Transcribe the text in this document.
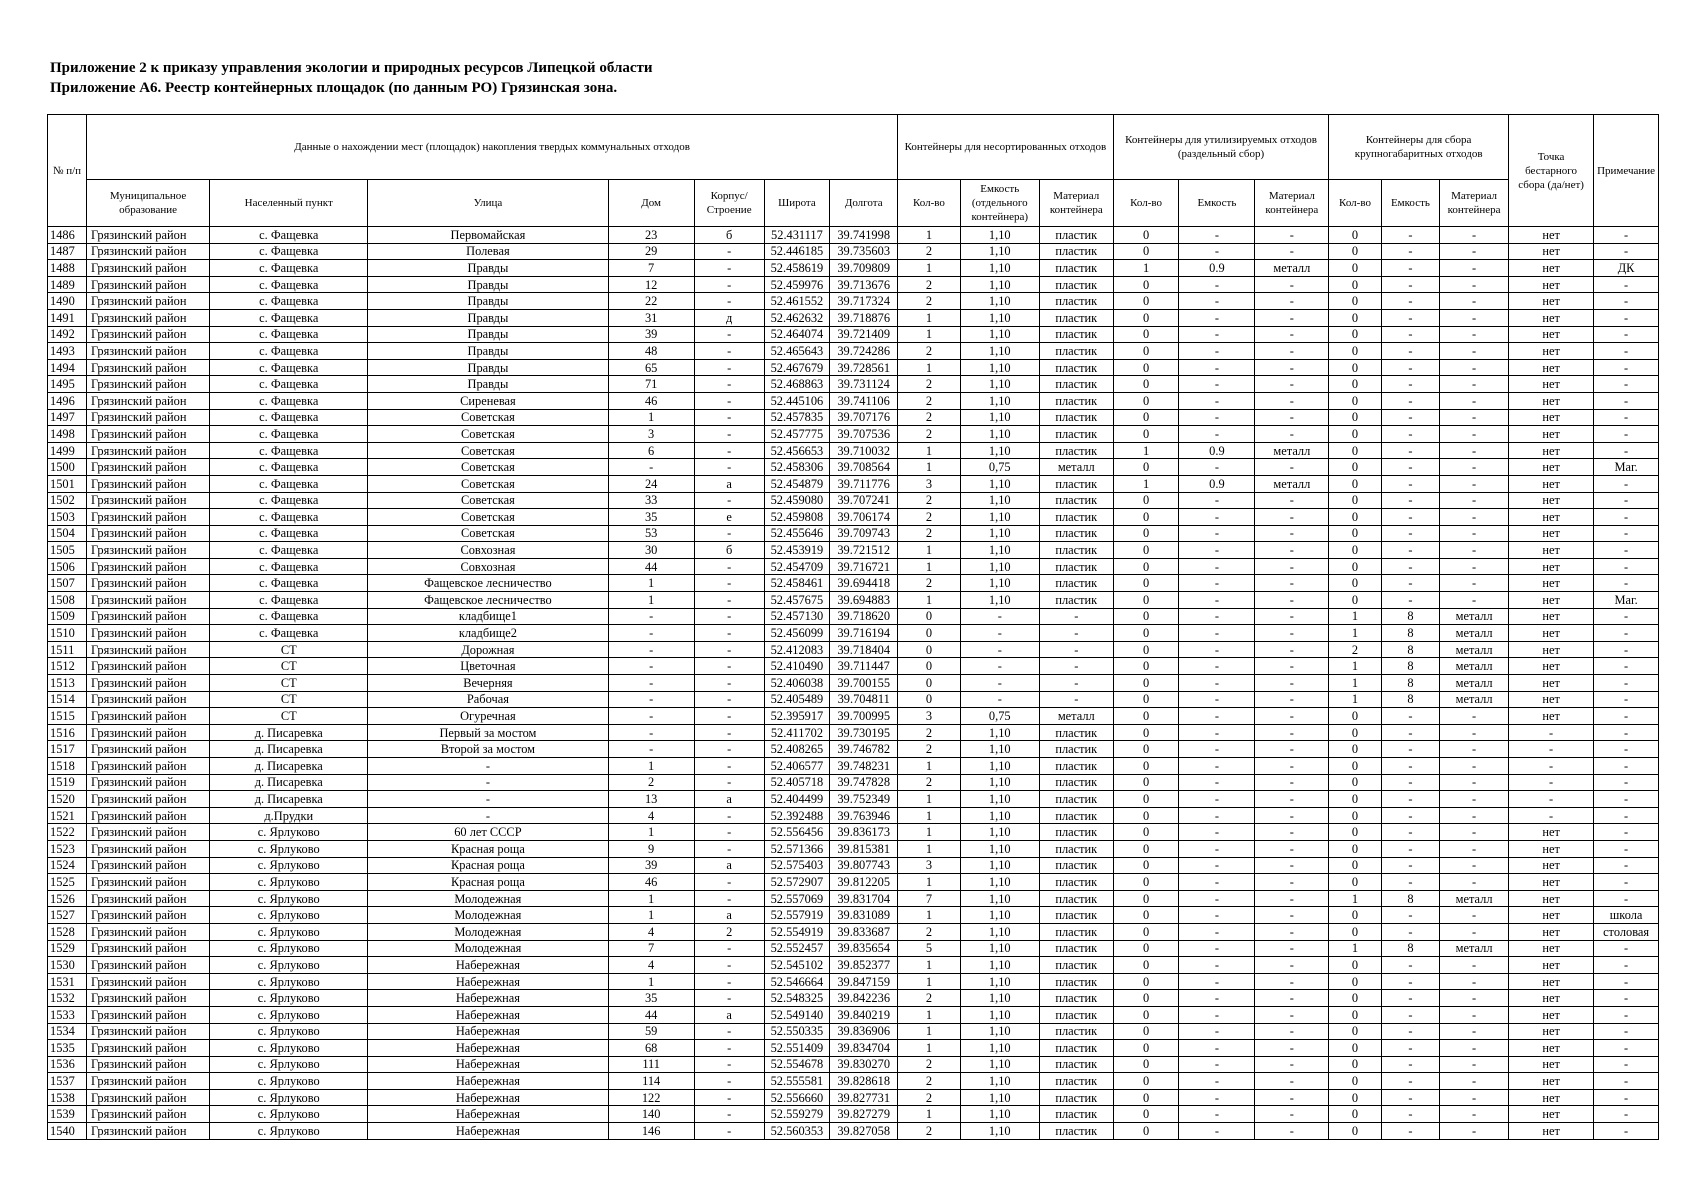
Приложение 2 к приказу управления экологии и природных ресурсов Липецкой области
Приложение А6. Реестр контейнерных площадок (по данным РО) Грязинская зона.
№ п/п	Данные о нахождении мест (площадок) накопления твердых коммунальных отходов							Контейнеры для несортированных отходов			Контейнеры для утилизируемых отходов (раздельный сбор)			Контейнеры для сбора крупногабаритных отходов			Точка бестарного сбора (да/нет)	Примечание
	Муниципальное образование	Населенный пункт	Улица	Дом	Корпус/ Строение	Широта	Долгота	Кол-во	Емкость (отдельного контейнера)	Материал контейнера	Кол-во	Емкость	Материал контейнера	Кол-во	Емкость	Материал контейнера		
1486	Грязинский район	с. Фащевка	Первомайская	23	б	52.431117	39.741998	1	1,10	пластик	0	-	-	0	-	-	нет	-
1487	Грязинский район	с. Фащевка	Полевая	29	-	52.446185	39.735603	2	1,10	пластик	0	-	-	0	-	-	нет	-
1488	Грязинский район	с. Фащевка	Правды	7	-	52.458619	39.709809	1	1,10	пластик	1	0.9	металл	0	-	-	нет	ДК
1489	Грязинский район	с. Фащевка	Правды	12	-	52.459976	39.713676	2	1,10	пластик	0	-	-	0	-	-	нет	-
1490	Грязинский район	с. Фащевка	Правды	22	-	52.461552	39.717324	2	1,10	пластик	0	-	-	0	-	-	нет	-
1491	Грязинский район	с. Фащевка	Правды	31	д	52.462632	39.718876	1	1,10	пластик	0	-	-	0	-	-	нет	-
1492	Грязинский район	с. Фащевка	Правды	39	-	52.464074	39.721409	1	1,10	пластик	0	-	-	0	-	-	нет	-
1493	Грязинский район	с. Фащевка	Правды	48	-	52.465643	39.724286	2	1,10	пластик	0	-	-	0	-	-	нет	-
1494	Грязинский район	с. Фащевка	Правды	65	-	52.467679	39.728561	1	1,10	пластик	0	-	-	0	-	-	нет	-
1495	Грязинский район	с. Фащевка	Правды	71	-	52.468863	39.731124	2	1,10	пластик	0	-	-	0	-	-	нет	-
1496	Грязинский район	с. Фащевка	Сиреневая	46	-	52.445106	39.741106	2	1,10	пластик	0	-	-	0	-	-	нет	-
1497	Грязинский район	с. Фащевка	Советская	1	-	52.457835	39.707176	2	1,10	пластик	0	-	-	0	-	-	нет	-
1498	Грязинский район	с. Фащевка	Советская	3	-	52.457775	39.707536	2	1,10	пластик	0	-	-	0	-	-	нет	-
1499	Грязинский район	с. Фащевка	Советская	6	-	52.456653	39.710032	1	1,10	пластик	1	0.9	металл	0	-	-	нет	-
1500	Грязинский район	с. Фащевка	Советская	-	-	52.458306	39.708564	1	0,75	металл	0	-	-	0	-	-	нет	Маг.
1501	Грязинский район	с. Фащевка	Советская	24	а	52.454879	39.711776	3	1,10	пластик	1	0.9	металл	0	-	-	нет	-
1502	Грязинский район	с. Фащевка	Советская	33	-	52.459080	39.707241	2	1,10	пластик	0	-	-	0	-	-	нет	-
1503	Грязинский район	с. Фащевка	Советская	35	е	52.459808	39.706174	2	1,10	пластик	0	-	-	0	-	-	нет	-
1504	Грязинский район	с. Фащевка	Советская	53	-	52.455646	39.709743	2	1,10	пластик	0	-	-	0	-	-	нет	-
1505	Грязинский район	с. Фащевка	Совхозная	30	б	52.453919	39.721512	1	1,10	пластик	0	-	-	0	-	-	нет	-
1506	Грязинский район	с. Фащевка	Совхозная	44	-	52.454709	39.716721	1	1,10	пластик	0	-	-	0	-	-	нет	-
1507	Грязинский район	с. Фащевка	Фащевское лесничество	1	-	52.458461	39.694418	2	1,10	пластик	0	-	-	0	-	-	нет	-
1508	Грязинский район	с. Фащевка	Фащевское лесничество	1	-	52.457675	39.694883	1	1,10	пластик	0	-	-	0	-	-	нет	Маг.
1509	Грязинский район	с. Фащевка	кладбище1	-	-	52.457130	39.718620	0	-	-	0	-	-	1	8	металл	нет	-
1510	Грязинский район	с. Фащевка	кладбище2	-	-	52.456099	39.716194	0	-	-	0	-	-	1	8	металл	нет	-
1511	Грязинский район	СТ	Дорожная	-	-	52.412083	39.718404	0	-	-	0	-	-	2	8	металл	нет	-
1512	Грязинский район	СТ	Цветочная	-	-	52.410490	39.711447	0	-	-	0	-	-	1	8	металл	нет	-
1513	Грязинский район	СТ	Вечерняя	-	-	52.406038	39.700155	0	-	-	0	-	-	1	8	металл	нет	-
1514	Грязинский район	СТ	Рабочая	-	-	52.405489	39.704811	0	-	-	0	-	-	1	8	металл	нет	-
1515	Грязинский район	СТ	Огуречная	-	-	52.395917	39.700995	3	0,75	металл	0	-	-	0	-	-	нет	-
1516	Грязинский район	д. Писаревка	Первый за мостом	-	-	52.411702	39.730195	2	1,10	пластик	0	-	-	0	-	-	-	-
1517	Грязинский район	д. Писаревка	Второй за мостом	-	-	52.408265	39.746782	2	1,10	пластик	0	-	-	0	-	-	-	-
1518	Грязинский район	д. Писаревка	-	1	-	52.406577	39.748231	1	1,10	пластик	0	-	-	0	-	-	-	-
1519	Грязинский район	д. Писаревка	-	2	-	52.405718	39.747828	2	1,10	пластик	0	-	-	0	-	-	-	-
1520	Грязинский район	д. Писаревка	-	13	а	52.404499	39.752349	1	1,10	пластик	0	-	-	0	-	-	-	-
1521	Грязинский район	д.Прудки	-	4	-	52.392488	39.763946	1	1,10	пластик	0	-	-	0	-	-	-	-
1522	Грязинский район	с. Ярлуково	60 лет СССР	1	-	52.556456	39.836173	1	1,10	пластик	0	-	-	0	-	-	нет	-
1523	Грязинский район	с. Ярлуково	Красная роща	9	-	52.571366	39.815381	1	1,10	пластик	0	-	-	0	-	-	нет	-
1524	Грязинский район	с. Ярлуково	Красная роща	39	а	52.575403	39.807743	3	1,10	пластик	0	-	-	0	-	-	нет	-
1525	Грязинский район	с. Ярлуково	Красная роща	46	-	52.572907	39.812205	1	1,10	пластик	0	-	-	0	-	-	нет	-
1526	Грязинский район	с. Ярлуково	Молодежная	1	-	52.557069	39.831704	7	1,10	пластик	0	-	-	1	8	металл	нет	-
1527	Грязинский район	с. Ярлуково	Молодежная	1	а	52.557919	39.831089	1	1,10	пластик	0	-	-	0	-	-	нет	школа
1528	Грязинский район	с. Ярлуково	Молодежная	4	2	52.554919	39.833687	2	1,10	пластик	0	-	-	0	-	-	нет	столовая
1529	Грязинский район	с. Ярлуково	Молодежная	7	-	52.552457	39.835654	5	1,10	пластик	0	-	-	1	8	металл	нет	-
1530	Грязинский район	с. Ярлуково	Набережная	4	-	52.545102	39.852377	1	1,10	пластик	0	-	-	0	-	-	нет	-
1531	Грязинский район	с. Ярлуково	Набережная	1	-	52.546664	39.847159	1	1,10	пластик	0	-	-	0	-	-	нет	-
1532	Грязинский район	с. Ярлуково	Набережная	35	-	52.548325	39.842236	2	1,10	пластик	0	-	-	0	-	-	нет	-
1533	Грязинский район	с. Ярлуково	Набережная	44	а	52.549140	39.840219	1	1,10	пластик	0	-	-	0	-	-	нет	-
1534	Грязинский район	с. Ярлуково	Набережная	59	-	52.550335	39.836906	1	1,10	пластик	0	-	-	0	-	-	нет	-
1535	Грязинский район	с. Ярлуково	Набережная	68	-	52.551409	39.834704	1	1,10	пластик	0	-	-	0	-	-	нет	-
1536	Грязинский район	с. Ярлуково	Набережная	111	-	52.554678	39.830270	2	1,10	пластик	0	-	-	0	-	-	нет	-
1537	Грязинский район	с. Ярлуково	Набережная	114	-	52.555581	39.828618	2	1,10	пластик	0	-	-	0	-	-	нет	-
1538	Грязинский район	с. Ярлуково	Набережная	122	-	52.556660	39.827731	2	1,10	пластик	0	-	-	0	-	-	нет	-
1539	Грязинский район	с. Ярлуково	Набережная	140	-	52.559279	39.827279	1	1,10	пластик	0	-	-	0	-	-	нет	-
1540	Грязинский район	с. Ярлуково	Набережная	146	-	52.560353	39.827058	2	1,10	пластик	0	-	-	0	-	-	нет	-
